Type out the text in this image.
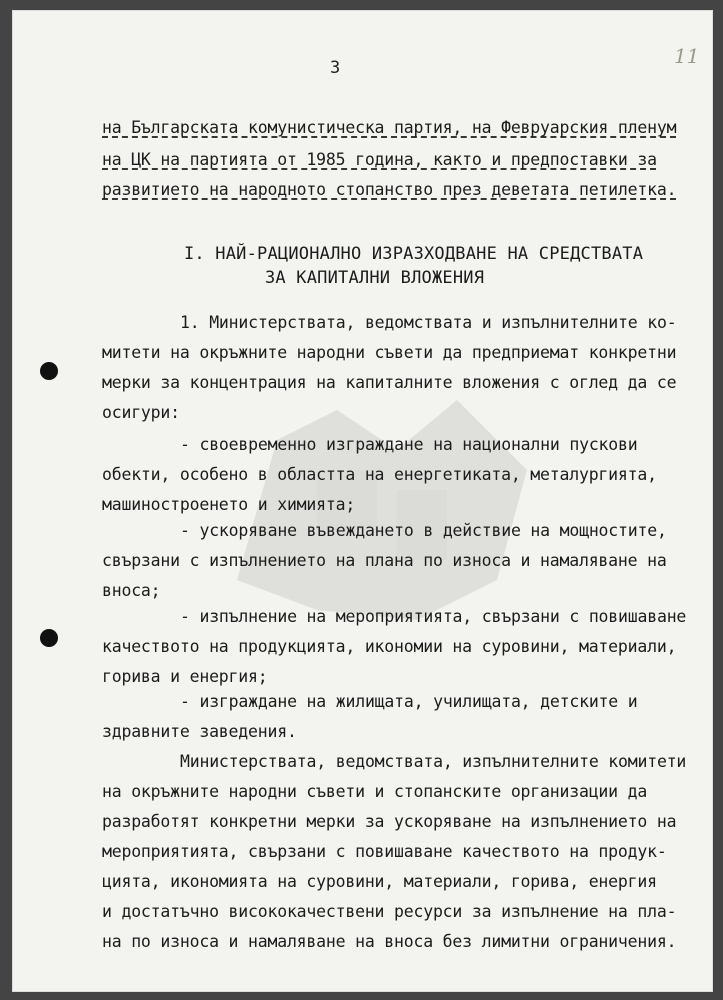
3	11
на Българската комунистическа партия, на Февруарския пленум
на ЦК на партията от 1985 година, както и предпоставки за
развитието на народното стопанство през деветата петилетка.
I. НАЙ-РАЦИОНАЛНО ИЗРАЗХОДВАНЕ НА СРЕДСТВАТА
ЗА КАПИТАЛНИ ВЛОЖЕНИЯ
1. Министерствата, ведомствата и изпълнителните ко-
митети на окръжните народни съвети да предприемат конкретни
мерки за концентрация на капиталните вложения с оглед да се
осигури:
- своевременно изграждане на национални пускови
обекти, особено в областта на енергетиката, металургията,
машиностроенето и химията;
- ускоряване въвеждането в действие на мощностите,
свързани с изпълнението на плана по износа и намаляване на
вноса;
- изпълнение на мероприятията, свързани с повишаване
качеството на продукцията, икономии на суровини, материали,
горива и енергия;
- изграждане на жилищата, училищата, детските и
здравните заведения.
Министерствата, ведомствата, изпълнителните комитети
на окръжните народни съвети и стопанските организации да
разработят конкретни мерки за ускоряване на изпълнението на
мероприятията, свързани с повишаване качеството на продук-
цията, икономията на суровини, материали, горива, енергия
и достатъчно висококачествени ресурси за изпълнение на пла-
на по износа и намаляване на вноса без лимитни ограничения.
